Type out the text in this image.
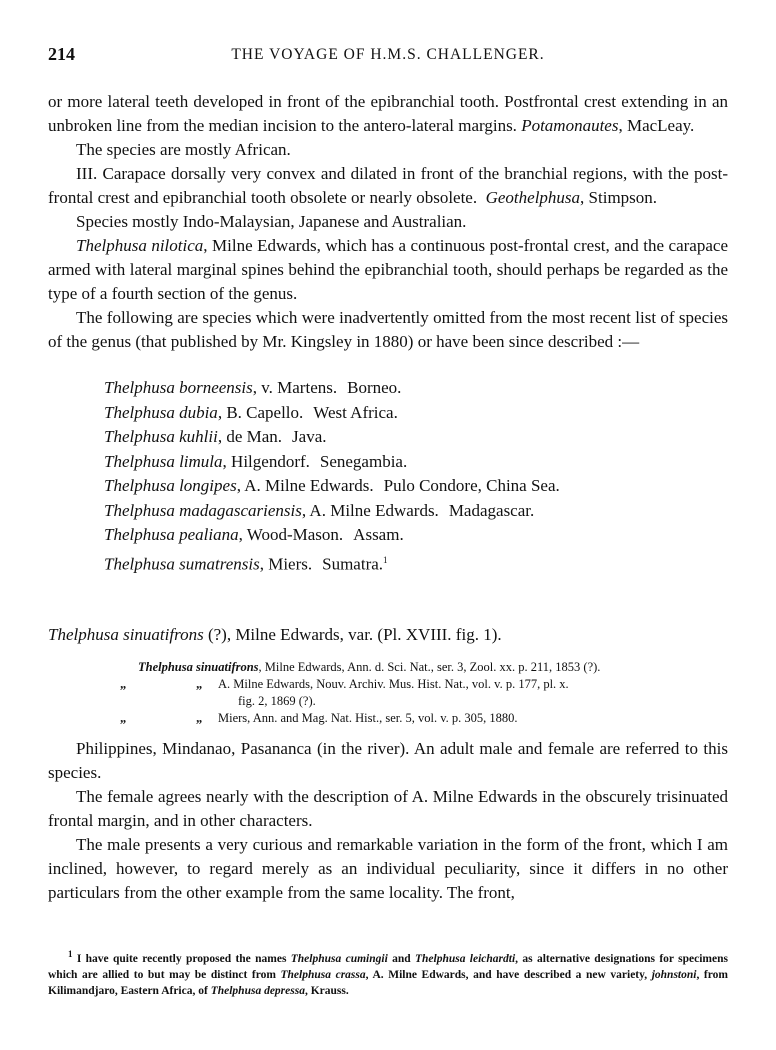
214	THE VOYAGE OF H.M.S. CHALLENGER.

or more lateral teeth developed in front of the epibranchial tooth. Postfrontal crest extending in an unbroken line from the median incision to the antero-lateral margins. Potamonautes, MacLeay.

The species are mostly African.

III. Carapace dorsally very convex and dilated in front of the branchial regions, with the post-frontal crest and epibranchial tooth obsolete or nearly obsolete. Geothelphusa, Stimpson.

Species mostly Indo-Malaysian, Japanese and Australian.

Thelphusa nilotica, Milne Edwards, which has a continuous post-frontal crest, and the carapace armed with lateral marginal spines behind the epibranchial tooth, should perhaps be regarded as the type of a fourth section of the genus.

The following are species which were inadvertently omitted from the most recent list of species of the genus (that published by Mr. Kingsley in 1880) or have been since described :—

Thelphusa borneensis, v. Martens. Borneo.
Thelphusa dubia, B. Capello. West Africa.
Thelphusa kuhlii, de Man. Java.
Thelphusa limula, Hilgendorf. Senegambia.
Thelphusa longipes, A. Milne Edwards. Pulo Condore, China Sea.
Thelphusa madagascariensis, A. Milne Edwards. Madagascar.
Thelphusa pealiana, Wood-Mason. Assam.
Thelphusa sumatrensis, Miers. Sumatra.$^1$
Thelphusa sinuatifrons (?), Milne Edwards, var. (Pl. XVIII. fig. 1).
Thelphusa sinuatifrons, Milne Edwards, Ann. d. Sci. Nat., ser. 3, Zool. xx. p. 211, 1853 (?).
„	„ A. Milne Edwards, Nouv. Archiv. Mus. Hist. Nat., vol. v. p. 177, pl. x.
fig. 2, 1869 (?).
„	„ Miers, Ann. and Mag. Nat. Hist., ser. 5, vol. v. p. 305, 1880.

Philippines, Mindanao, Pasananca (in the river). An adult male and female are referred to this species.

The female agrees nearly with the description of A. Milne Edwards in the obscurely trisinuated frontal margin, and in other characters.

The male presents a very curious and remarkable variation in the form of the front, which I am inclined, however, to regard merely as an individual peculiarity, since it differs in no other particulars from the other example from the same locality. The front,

$^1$ I have quite recently proposed the names Thelphusa cumingii and Thelphusa leichardti, as alternative designations for specimens which are allied to but may be distinct from Thelphusa crassa, A. Milne Edwards, and have described a new variety, johnstoni, from Kilimandjaro, Eastern Africa, of Thelphusa depressa, Krauss.
